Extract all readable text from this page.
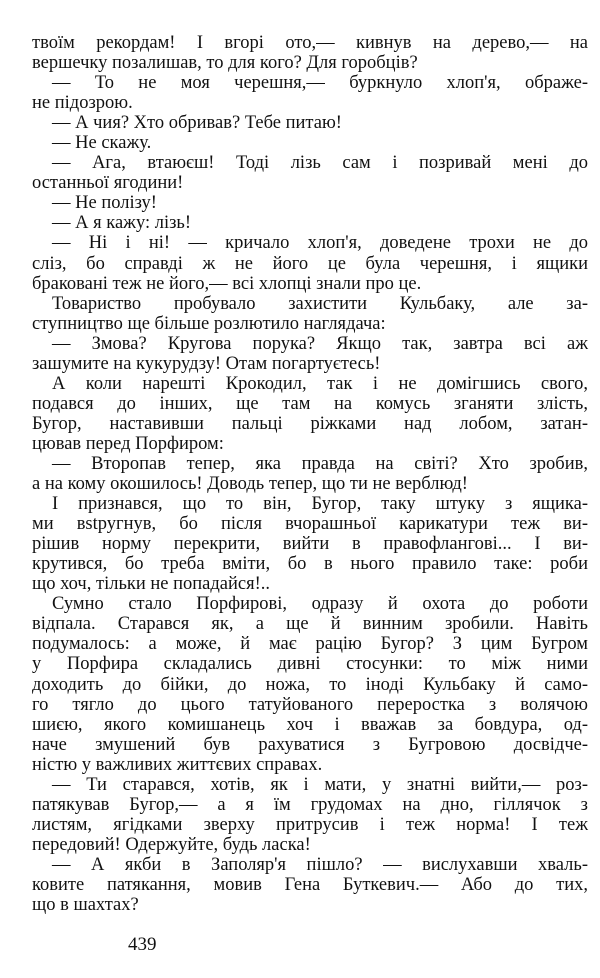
твоїм рекордам! І вгорі ото,— кивнув на дерево,— на
вершечку позалишав, то для кого? Для горобців?
— То не моя черешня,— буркнуло хлоп'я, ображе-
не підозрою.
— А чия? Хто обривав? Тебе питаю!
— Не скажу.
— Ага, втаюєш! Тоді лізь сам і позривай мені до
останньої ягодини!
— Не полізу!
— А я кажу: лізь!
— Ні і ні! — кричало хлоп'я, доведене трохи не до
сліз, бо справді ж не його це була черешня, і ящики
браковані теж не його,— всі хлопці знали про це.
Товариство пробувало захистити Кульбаку, але за-
ступництво ще більше розлютило наглядача:
— Змова? Кругова порука? Якщо так, завтра всі аж
зашумите на кукурудзу! Отам погартуєтесь!
А коли нарешті Крокодил, так і не домігшись свого,
подався до інших, ще там на комусь зганяти злість,
Бугор, наставивши пальці ріжками над лобом, затан-
цював перед Порфиром:
— Второпав тепер, яка правда на світі? Хто зробив,
а на кому окошилось! Доводь тепер, що ти не верблюд!
І признався, що то він, Бугор, таку штуку з ящика-
ми вstругнув, бо після вчорашньої карикатури теж ви-
рішив норму перекрити, вийти в правофлангові... І ви-
крутився, бо треба вміти, бо в нього правило таке: роби
що хоч, тільки не попадайся!..
Сумно стало Порфирові, одразу й охота до роботи
відпала. Старався як, а ще й винним зробили. Навіть
подумалось: а може, й має рацію Бугор? З цим Бугром
у Порфира складались дивні стосунки: то між ними
доходить до бійки, до ножа, то іноді Кульбаку й само-
го тягло до цього татуйованого переростка з волячою
шиєю, якого комишанець хоч і вважав за бовдура, од-
наче змушений був рахуватися з Бугровою досвідче-
ністю у важливих життєвих справах.
— Ти старався, хотів, як і мати, у знатні вийти,— роз-
патякував Бугор,— а я їм грудомах на дно, гіллячок з
листям, ягідками зверху притрусив і теж норма! І теж
передовий! Одержуйте, будь ласка!
— А якби в Заполяр'я пішло? — вислухавши хваль-
ковите патякання, мовив Гена Буткевич.— Або до тих,
що в шахтах?
439
